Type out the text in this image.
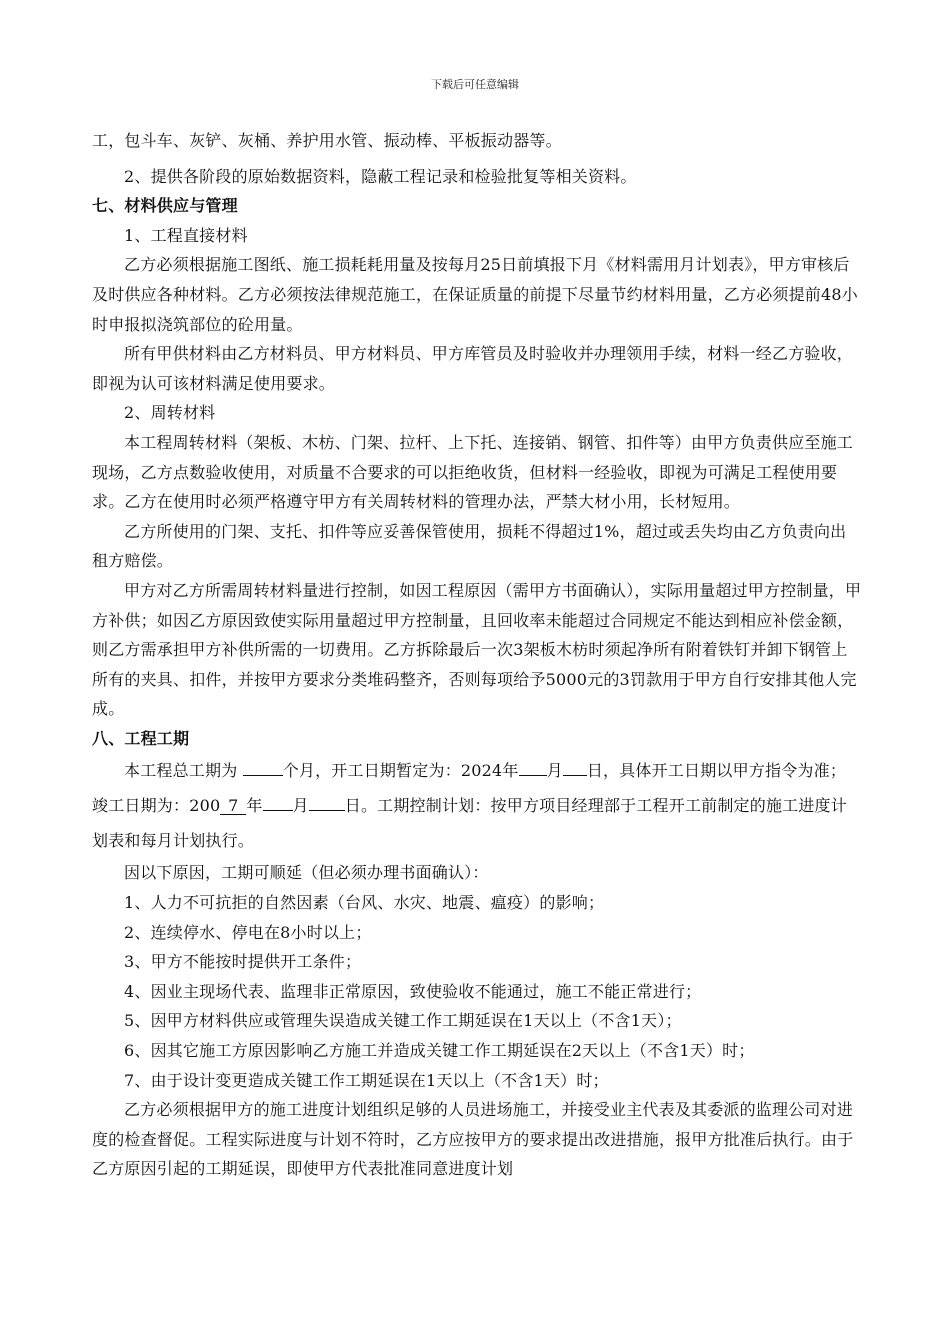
下载后可任意编辑

工，包斗车、灰铲、灰桶、养护用水管、振动棒、平板振动器等。

2、提供各阶段的原始数据资料，隐蔽工程记录和检验批复等相关资料。

七、材料供应与管理

1、工程直接材料

乙方必须根据施工图纸、施工损耗耗用量及按每月25日前填报下月《材料需用月计划表》，甲方审核后及时供应各种材料。乙方必须按法律规范施工，在保证质量的前提下尽量节约材料用量，乙方必须提前48小时申报拟浇筑部位的砼用量。

所有甲供材料由乙方材料员、甲方材料员、甲方库管员及时验收并办理领用手续，材料一经乙方验收，即视为认可该材料满足使用要求。

2、周转材料

本工程周转材料（架板、木枋、门架、拉杆、上下托、连接销、钢管、扣件等）由甲方负责供应至施工现场，乙方点数验收使用，对质量不合要求的可以拒绝收货，但材料一经验收，即视为可满足工程使用要求。乙方在使用时必须严格遵守甲方有关周转材料的管理办法，严禁大材小用，长材短用。

乙方所使用的门架、支托、扣件等应妥善保管使用，损耗不得超过1%，超过或丢失均由乙方负责向出租方赔偿。

甲方对乙方所需周转材料量进行控制，如因工程原因（需甲方书面确认），实际用量超过甲方控制量，甲方补供；如因乙方原因致使实际用量超过甲方控制量，且回收率未能超过合同规定不能达到相应补偿金额，则乙方需承担甲方补供所需的一切费用。乙方拆除最后一次3架板木枋时须起净所有附着铁钉并卸下钢管上所有的夹具、扣件，并按甲方要求分类堆码整齐，否则每项给予5000元的3罚款用于甲方自行安排其他人完成。

八、工程工期

本工程总工期为	个月，开工日期暂定为：2024年 月 日，具体开工日期以甲方指令为准；竣工日期为：200 7 年 月 日。工期控制计划：按甲方项目经理部于工程开工前制定的施工进度计划表和每月计划执行。

因以下原因，工期可顺延（但必须办理书面确认）：

1、人力不可抗拒的自然因素（台风、水灾、地震、瘟疫）的影响；

2、连续停水、停电在8小时以上；

3、甲方不能按时提供开工条件；

4、因业主现场代表、监理非正常原因，致使验收不能通过，施工不能正常进行；

5、因甲方材料供应或管理失误造成关键工作工期延误在1天以上（不含1天）；

6、因其它施工方原因影响乙方施工并造成关键工作工期延误在2天以上（不含1天）时；

7、由于设计变更造成关键工作工期延误在1天以上（不含1天）时；

乙方必须根据甲方的施工进度计划组织足够的人员进场施工，并接受业主代表及其委派的监理公司对进度的检查督促。工程实际进度与计划不符时，乙方应按甲方的要求提出改进措施，报甲方批准后执行。由于乙方原因引起的工期延误，即使甲方代表批准同意进度计划
